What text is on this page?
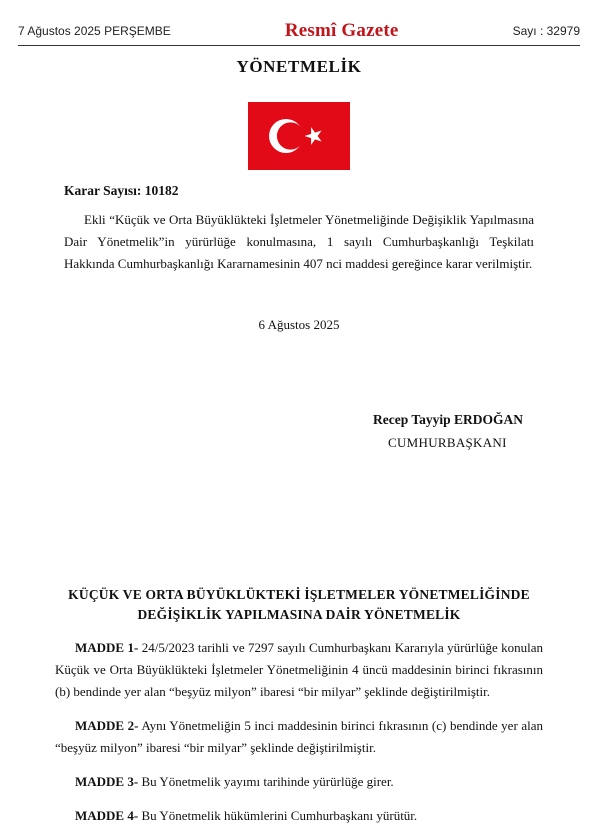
7 Ağustos 2025 PERŞEMBE	Resmî Gazete	Sayı : 32979
YÖNETMELİK
Karar Sayısı: 10182

Ekli “Küçük ve Orta Büyüklükteki İşletmeler Yönetmeliğinde Değişiklik Yapılmasına Dair Yönetmelik”in yürürlüğe konulmasına, 1 sayılı Cumhurbaşkanlığı Teşkilatı Hakkında Cumhurbaşkanlığı Kararnamesinin 407 nci maddesi gereğince karar verilmiştir.

6 Ağustos 2025
Recep Tayyip ERDOĞAN
CUMHURBAŞKANI
KÜÇÜK VE ORTA BÜYÜKLÜKTEKİ İŞLETMELER YÖNETMELİĞİNDE
DEĞİŞİKLİK YAPILMASINA DAİR YÖNETMELİK

MADDE 1- 24/5/2023 tarihli ve 7297 sayılı Cumhurbaşkanı Kararıyla yürürlüğe konulan Küçük ve Orta Büyüklükteki İşletmeler Yönetmeliğinin 4 üncü maddesinin birinci fıkrasının (b) bendinde yer alan “beşyüz milyon” ibaresi “bir milyar” şeklinde değiştirilmiştir.

MADDE 2- Aynı Yönetmeliğin 5 inci maddesinin birinci fıkrasının (c) bendinde yer alan “beşyüz milyon” ibaresi “bir milyar” şeklinde değiştirilmiştir.

MADDE 3- Bu Yönetmelik yayımı tarihinde yürürlüğe girer.

MADDE 4- Bu Yönetmelik hükümlerini Cumhurbaşkanı yürütür.
